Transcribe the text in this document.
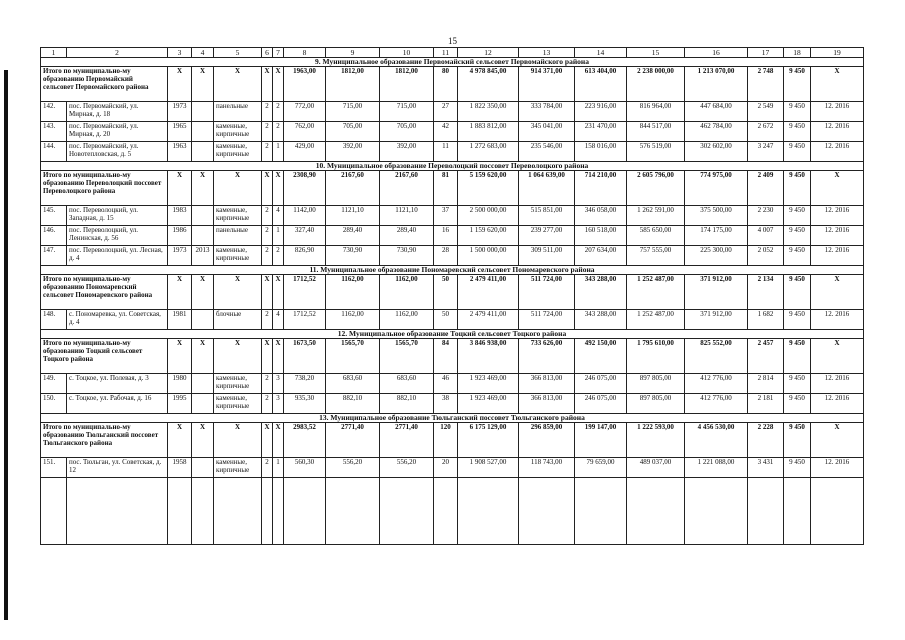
15
1	2	3	4	5	6	7	8	9	10	11	12	13	14	15	16	17	18	19
9. Муниципальное образование Первомайский сельсовет Первомайского района																		
Итого по муниципально-му образованию Первомайский сельсовет Первомайского района		X	X	X	X	X	1963,00	1812,00	1812,00	80	4 978 845,00	914 371,00	613 404,00	2 238 000,00	1 213 070,00	2 748	9 450	X
142.	пос. Первомайский, ул. Мирная, д. 18	1973		панельные	2	2	772,00	715,00	715,00	27	1 822 350,00	333 784,00	223 916,00	816 964,00	447 684,00	2 549	9 450	12. 2016
143.	пос. Первомайский, ул. Мирная, д. 20	1965		каменные, кирпичные	2	2	762,00	705,00	705,00	42	1 883 812,00	345 041,00	231 470,00	844 517,00	462 784,00	2 672	9 450	12. 2016
144.	пос. Первомайский, ул. Новотепловская, д. 5	1963		каменные, кирпичные	2	1	429,00	392,00	392,00	11	1 272 683,00	235 546,00	158 016,00	576 519,00	302 602,00	3 247	9 450	12. 2016
10. Муниципальное образование Переволоцкий поссовет Переволоцкого района																		
Итого по муниципально-му образованию Переволоцкий поссовет Переволоцкого района		X	X	X	X	X	2308,90	2167,60	2167,60	81	5 159 620,00	1 064 639,00	714 210,00	2 605 796,00	774 975,00	2 409	9 450	X
145.	пос. Переволоцкий, ул. Западная, д. 15	1983		каменные, кирпичные	2	4	1142,00	1121,10	1121,10	37	2 500 000,00	515 851,00	346 058,00	1 262 591,00	375 500,00	2 230	9 450	12. 2016
146.	пос. Переволоцкий, ул. Ленинская, д. 56	1986		панельные	2	1	327,40	289,40	289,40	16	1 159 620,00	239 277,00	160 518,00	585 650,00	174 175,00	4 007	9 450	12. 2016
147.	пос. Переволоцкий, ул. Лесная, д. 4	1973	2013	каменные, кирпичные	2	2	826,90	730,90	730,90	28	1 500 000,00	309 511,00	207 634,00	757 555,00	225 300,00	2 052	9 450	12. 2016
11. Муниципальное образование Пономаревский сельсовет Пономаревского района																		
Итого по муниципально-му образованию Пономаревский сельсовет Пономаревского района		X	X	X	X	X	1712,52	1162,00	1162,00	50	2 479 411,00	511 724,00	343 288,00	1 252 487,00	371 912,00	2 134	9 450	X
148.	с. Пономаревка, ул. Советская, д. 4	1981		блочные	2	4	1712,52	1162,00	1162,00	50	2 479 411,00	511 724,00	343 288,00	1 252 487,00	371 912,00	1 682	9 450	12. 2016
12. Муниципальное образование Тоцкий сельсовет Тоцкого района																		
Итого по муниципально-му образованию Тоцкий сельсовет Тоцкого района		X	X	X	X	X	1673,50	1565,70	1565,70	84	3 846 938,00	733 626,00	492 150,00	1 795 610,00	825 552,00	2 457	9 450	X
149.	с. Тоцкое, ул. Полевая, д. 3	1980		каменные, кирпичные	2	3	738,20	683,60	683,60	46	1 923 469,00	366 813,00	246 075,00	897 805,00	412 776,00	2 814	9 450	12. 2016
150.	с. Тоцкое, ул. Рабочая, д. 16	1995		каменные, кирпичные	2	3	935,30	882,10	882,10	38	1 923 469,00	366 813,00	246 075,00	897 805,00	412 776,00	2 181	9 450	12. 2016
13. Муниципальное образование Тюльганский поссовет Тюльганского района																		
Итого по муниципально-му образованию Тюльганский поссовет Тюльганского района		X	X	X	X	X	2983,52	2771,40	2771,40	120	6 175 129,00	296 859,00	199 147,00	1 222 593,00	4 456 530,00	2 228	9 450	X
151.	пос. Тюльган, ул. Советская, д. 12	1958		каменные, кирпичные	2	1	560,30	556,20	556,20	20	1 908 527,00	118 743,00	79 659,00	489 037,00	1 221 088,00	3 431	9 450	12. 2016
